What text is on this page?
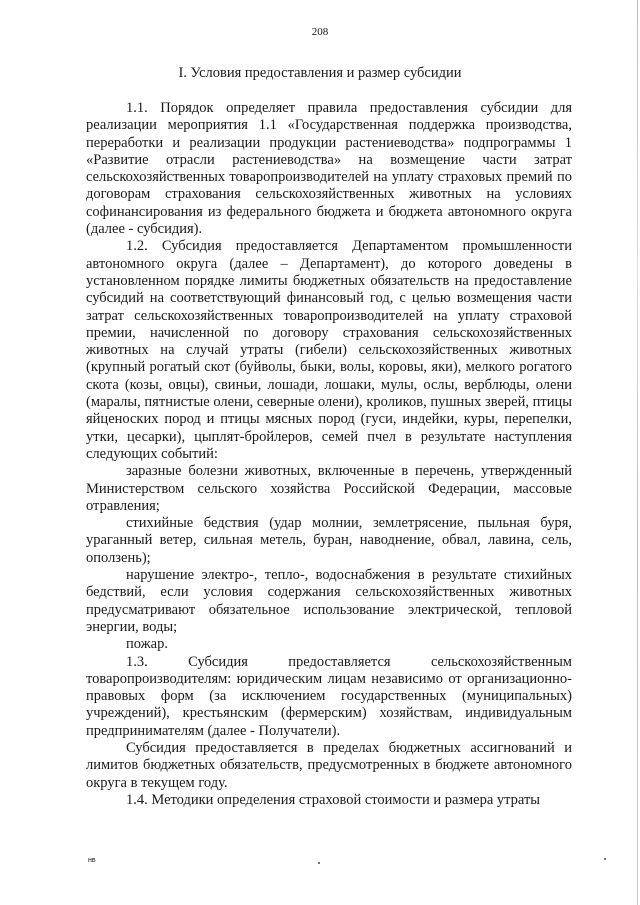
208
I. Условия предоставления и размер субсидии

1.1. Порядок определяет правила предоставления субсидии для реализации мероприятия 1.1 «Государственная поддержка производства, переработки и реализации продукции растениеводства» подпрограммы 1 «Развитие отрасли растениеводства» на возмещение части затрат сельскохозяйственных товаропроизводителей на уплату страховых премий по договорам страхования сельскохозяйственных животных на условиях софинансирования из федерального бюджета и бюджета автономного округа (далее - субсидия).

1.2. Субсидия предоставляется Департаментом промышленности автономного округа (далее – Департамент), до которого доведены в установленном порядке лимиты бюджетных обязательств на предоставление субсидий на соответствующий финансовый год, с целью возмещения части затрат сельскохозяйственных товаропроизводителей на уплату страховой премии, начисленной по договору страхования сельскохозяйственных животных на случай утраты (гибели) сельскохозяйственных животных (крупный рогатый скот (буйволы, быки, волы, коровы, яки), мелкого рогатого скота (козы, овцы), свиньи, лошади, лошаки, мулы, ослы, верблюды, олени (маралы, пятнистые олени, северные олени), кроликов, пушных зверей, птицы яйценоских пород и птицы мясных пород (гуси, индейки, куры, перепелки, утки, цесарки), цыплят-бройлеров, семей пчел в результате наступления следующих событий:

заразные болезни животных, включенные в перечень, утвержденный Министерством сельского хозяйства Российской Федерации, массовые отравления;

стихийные бедствия (удар молнии, землетрясение, пыльная буря, ураганный ветер, сильная метель, буран, наводнение, обвал, лавина, сель, оползень);

нарушение электро-, тепло-, водоснабжения в результате стихийных бедствий, если условия содержания сельскохозяйственных животных предусматривают обязательное использование электрической, тепловой энергии, воды;

пожар.

1.3. Субсидия предоставляется сельскохозяйственным товаропроизводителям: юридическим лицам независимо от организационно-правовых форм (за исключением государственных (муниципальных) учреждений), крестьянским (фермерским) хозяйствам, индивидуальным предпринимателям (далее - Получатели).

Субсидия предоставляется в пределах бюджетных ассигнований и лимитов бюджетных обязательств, предусмотренных в бюджете автономного округа в текущем году.

1.4. Методики определения страховой стоимости и размера утраты

нв
